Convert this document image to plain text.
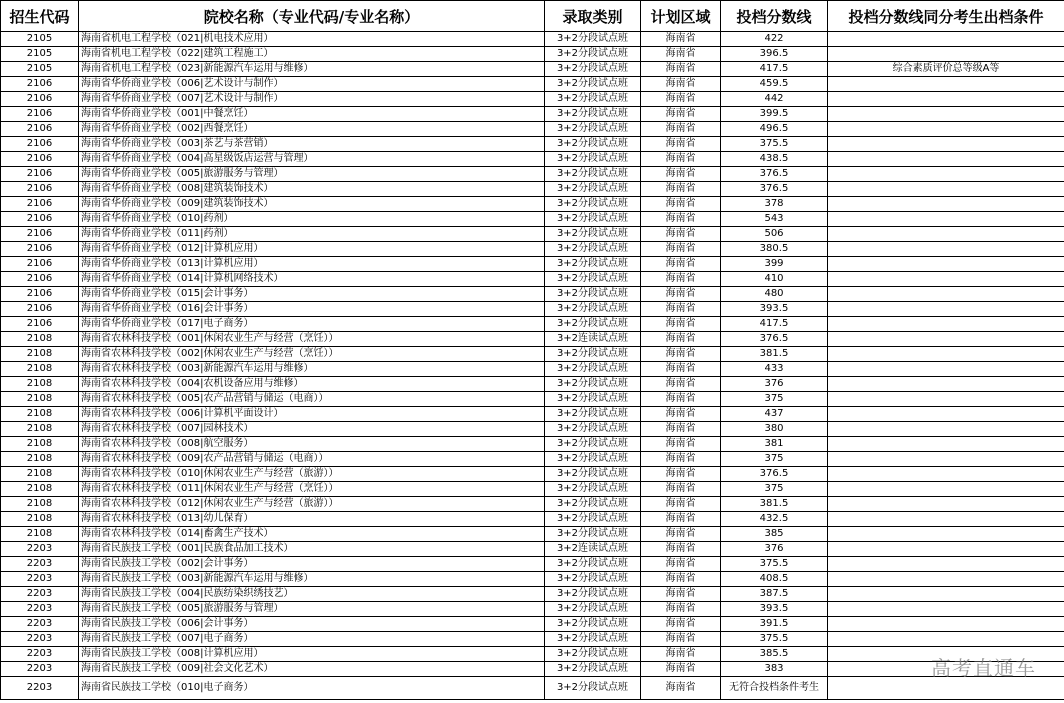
招生代码	院校名称（专业代码/专业名称）	录取类别	计划区域	投档分数线	投档分数线同分考生出档条件
2105	海南省机电工程学校（021|机电技术应用）	3+2分段试点班	海南省	422	
2105	海南省机电工程学校（022|建筑工程施工）	3+2分段试点班	海南省	396.5	
2105	海南省机电工程学校（023|新能源汽车运用与维修）	3+2分段试点班	海南省	417.5	综合素质评价总等级A等
2106	海南省华侨商业学校（006|艺术设计与制作）	3+2分段试点班	海南省	459.5	
2106	海南省华侨商业学校（007|艺术设计与制作）	3+2分段试点班	海南省	442	
2106	海南省华侨商业学校（001|中餐烹饪）	3+2分段试点班	海南省	399.5	
2106	海南省华侨商业学校（002|西餐烹饪）	3+2分段试点班	海南省	496.5	
2106	海南省华侨商业学校（003|茶艺与茶营销）	3+2分段试点班	海南省	375.5	
2106	海南省华侨商业学校（004|高星级饭店运营与管理）	3+2分段试点班	海南省	438.5	
2106	海南省华侨商业学校（005|旅游服务与管理）	3+2分段试点班	海南省	376.5	
2106	海南省华侨商业学校（008|建筑装饰技术）	3+2分段试点班	海南省	376.5	
2106	海南省华侨商业学校（009|建筑装饰技术）	3+2分段试点班	海南省	378	
2106	海南省华侨商业学校（010|药剂）	3+2分段试点班	海南省	543	
2106	海南省华侨商业学校（011|药剂）	3+2分段试点班	海南省	506	
2106	海南省华侨商业学校（012|计算机应用）	3+2分段试点班	海南省	380.5	
2106	海南省华侨商业学校（013|计算机应用）	3+2分段试点班	海南省	399	
2106	海南省华侨商业学校（014|计算机网络技术）	3+2分段试点班	海南省	410	
2106	海南省华侨商业学校（015|会计事务）	3+2分段试点班	海南省	480	
2106	海南省华侨商业学校（016|会计事务）	3+2分段试点班	海南省	393.5	
2106	海南省华侨商业学校（017|电子商务）	3+2分段试点班	海南省	417.5	
2108	海南省农林科技学校（001|休闲农业生产与经营（烹饪））	3+2连读试点班	海南省	376.5	
2108	海南省农林科技学校（002|休闲农业生产与经营（烹饪））	3+2分段试点班	海南省	381.5	
2108	海南省农林科技学校（003|新能源汽车运用与维修）	3+2分段试点班	海南省	433	
2108	海南省农林科技学校（004|农机设备应用与维修）	3+2分段试点班	海南省	376	
2108	海南省农林科技学校（005|农产品营销与储运（电商））	3+2分段试点班	海南省	375	
2108	海南省农林科技学校（006|计算机平面设计）	3+2分段试点班	海南省	437	
2108	海南省农林科技学校（007|园林技术）	3+2分段试点班	海南省	380	
2108	海南省农林科技学校（008|航空服务）	3+2分段试点班	海南省	381	
2108	海南省农林科技学校（009|农产品营销与储运（电商））	3+2分段试点班	海南省	375	
2108	海南省农林科技学校（010|休闲农业生产与经营（旅游））	3+2分段试点班	海南省	376.5	
2108	海南省农林科技学校（011|休闲农业生产与经营（烹饪））	3+2分段试点班	海南省	375	
2108	海南省农林科技学校（012|休闲农业生产与经营（旅游））	3+2分段试点班	海南省	381.5	
2108	海南省农林科技学校（013|幼儿保育）	3+2分段试点班	海南省	432.5	
2108	海南省农林科技学校（014|畜禽生产技术）	3+2分段试点班	海南省	385	
2203	海南省民族技工学校（001|民族食品加工技术）	3+2连读试点班	海南省	376	
2203	海南省民族技工学校（002|会计事务）	3+2分段试点班	海南省	375.5	
2203	海南省民族技工学校（003|新能源汽车运用与维修）	3+2分段试点班	海南省	408.5	
2203	海南省民族技工学校（004|民族纺染织绣技艺）	3+2分段试点班	海南省	387.5	
2203	海南省民族技工学校（005|旅游服务与管理）	3+2分段试点班	海南省	393.5	
2203	海南省民族技工学校（006|会计事务）	3+2分段试点班	海南省	391.5	
2203	海南省民族技工学校（007|电子商务）	3+2分段试点班	海南省	375.5	
2203	海南省民族技工学校（008|计算机应用）	3+2分段试点班	海南省	385.5	
2203	海南省民族技工学校（009|社会文化艺术）	3+2分段试点班	海南省	383	
2203	海南省民族技工学校（010|电子商务）	3+2分段试点班	海南省	无符合投档条件考生	
高考直通车
